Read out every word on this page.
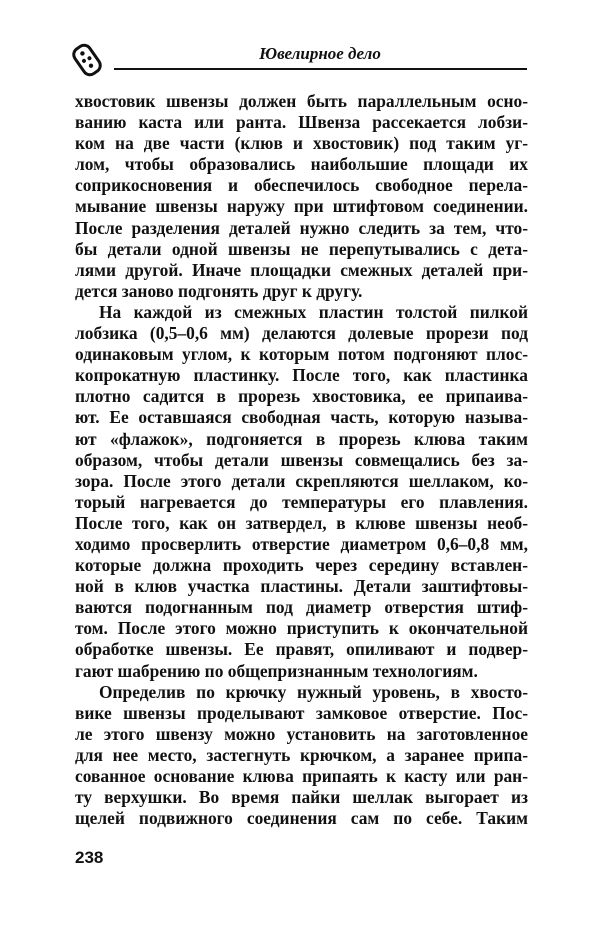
Ювелирное дело
хвостовик швензы должен быть параллельным осно-
ванию каста или ранта. Швенза рассекается лобзи-
ком на две части (клюв и хвостовик) под таким уг-
лом, чтобы образовались наибольшие площади их
соприкосновения и обеспечилось свободное перела-
мывание швензы наружу при штифтовом соединении.
После разделения деталей нужно следить за тем, что-
бы детали одной швензы не перепутывались с дета-
лями другой. Иначе площадки смежных деталей при-
дется заново подгонять друг к другу.
На каждой из смежных пластин толстой пилкой
лобзика (0,5–0,6 мм) делаются долевые прорези под
одинаковым углом, к которым потом подгоняют плос-
копрокатную пластинку. После того, как пластинка
плотно садится в прорезь хвостовика, ее припаива-
ют. Ее оставшаяся свободная часть, которую называ-
ют «флажок», подгоняется в прорезь клюва таким
образом, чтобы детали швензы совмещались без за-
зора. После этого детали скрепляются шеллаком, ко-
торый нагревается до температуры его плавления.
После того, как он затвердел, в клюве швензы необ-
ходимо просверлить отверстие диаметром 0,6–0,8 мм,
которые должна проходить через середину вставлен-
ной в клюв участка пластины. Детали заштифтовы-
ваются подогнанным под диаметр отверстия штиф-
том. После этого можно приступить к окончательной
обработке швензы. Ее правят, опиливают и подвер-
гают шабрению по общепризнанным технологиям.
Определив по крючку нужный уровень, в хвосто-
вике швензы проделывают замковое отверстие. Пос-
ле этого швензу можно установить на заготовленное
для нее место, застегнуть крючком, а заранее припа-
сованное основание клюва припаять к касту или ран-
ту верхушки. Во время пайки шеллак выгорает из
щелей подвижного соединения сам по себе. Таким
238
